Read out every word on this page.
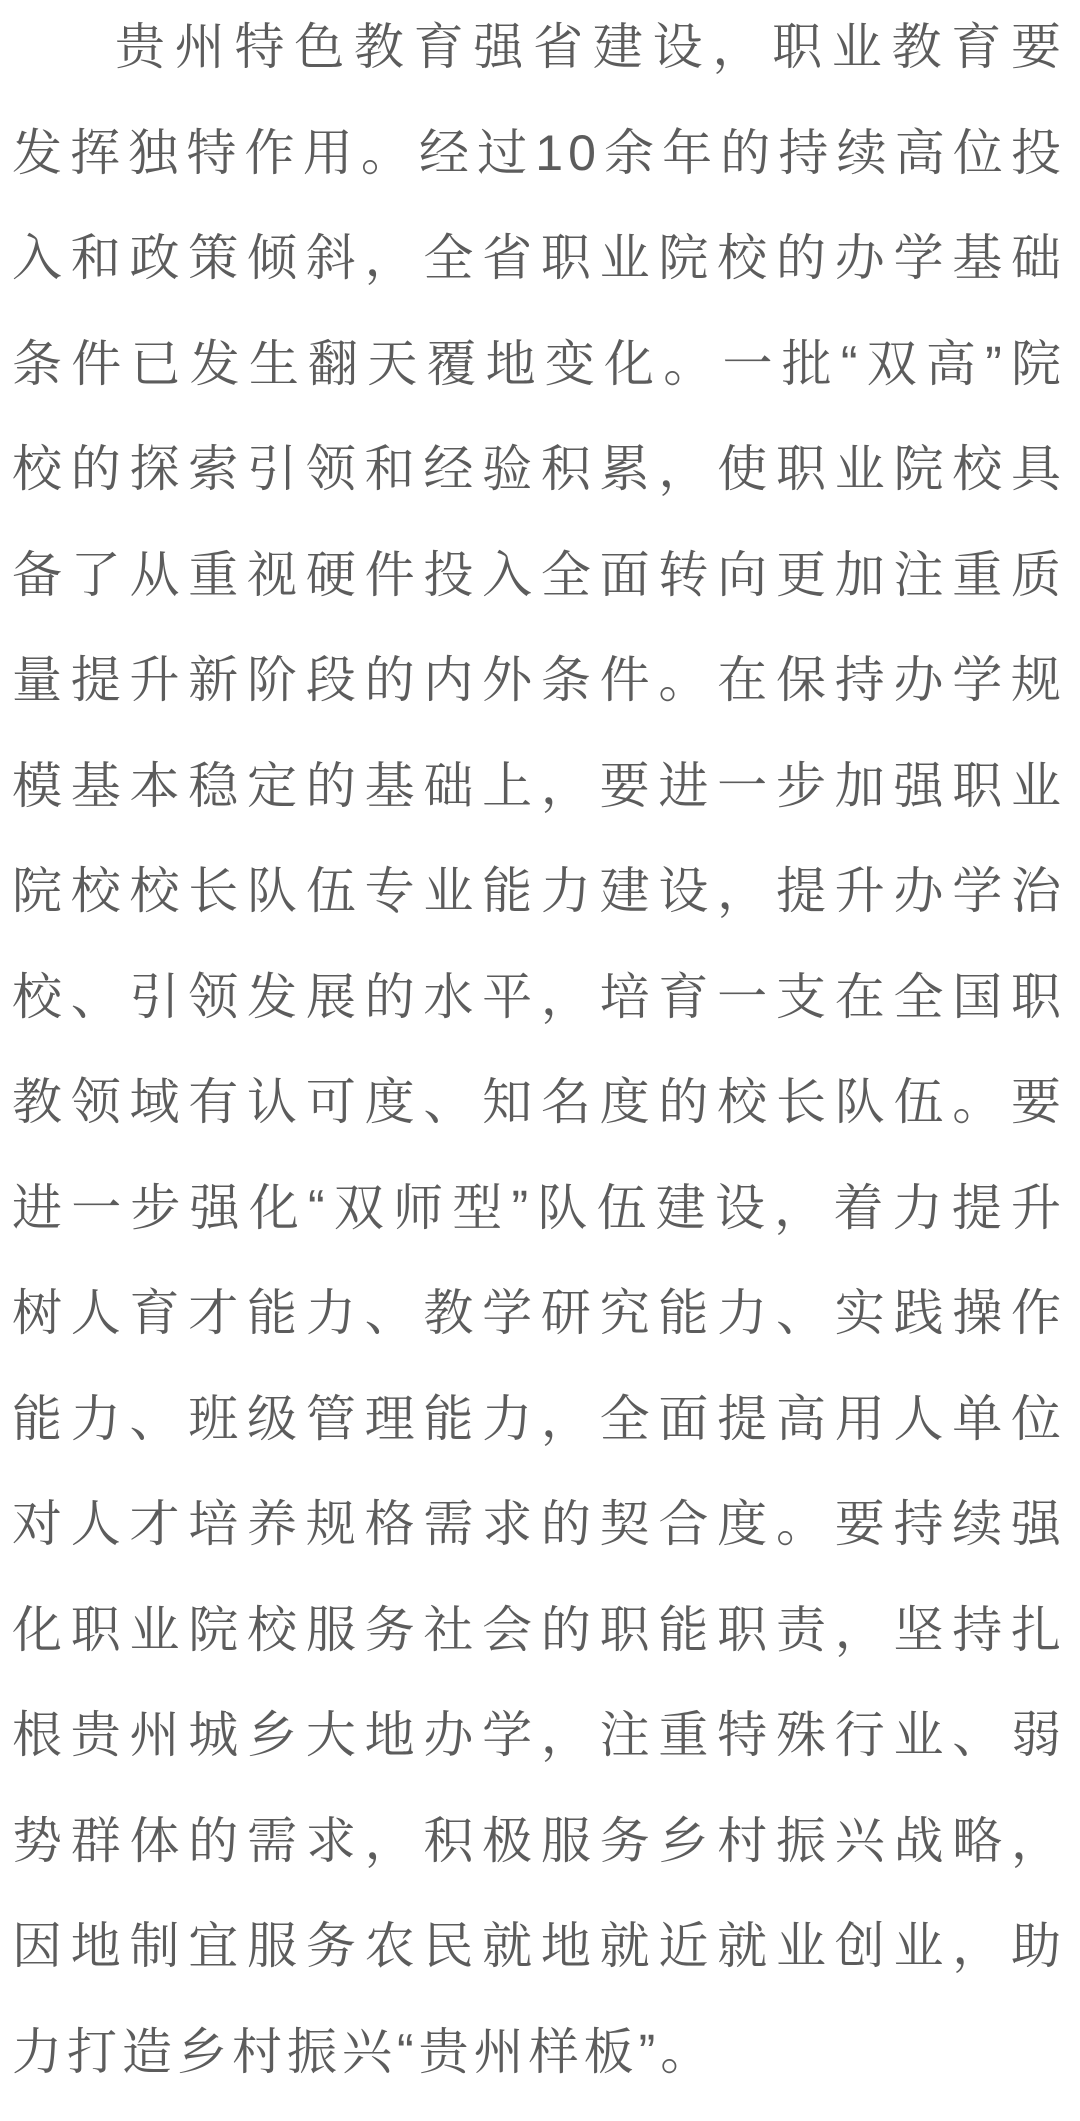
贵州特色教育强省建设，职业教育要
发挥独特作用。经过10余年的持续高位投
入和政策倾斜，全省职业院校的办学基础
条件已发生翻天覆地变化。一批“双高”院
校的探索引领和经验积累，使职业院校具
备了从重视硬件投入全面转向更加注重质
量提升新阶段的内外条件。在保持办学规
模基本稳定的基础上，要进一步加强职业
院校校长队伍专业能力建设，提升办学治
校、引领发展的水平，培育一支在全国职
教领域有认可度、知名度的校长队伍。要
进一步强化“双师型”队伍建设，着力提升
树人育才能力、教学研究能力、实践操作
能力、班级管理能力，全面提高用人单位
对人才培养规格需求的契合度。要持续强
化职业院校服务社会的职能职责，坚持扎
根贵州城乡大地办学，注重特殊行业、弱
势群体的需求，积极服务乡村振兴战略，
因地制宜服务农民就地就近就业创业，助
力打造乡村振兴“贵州样板”。
